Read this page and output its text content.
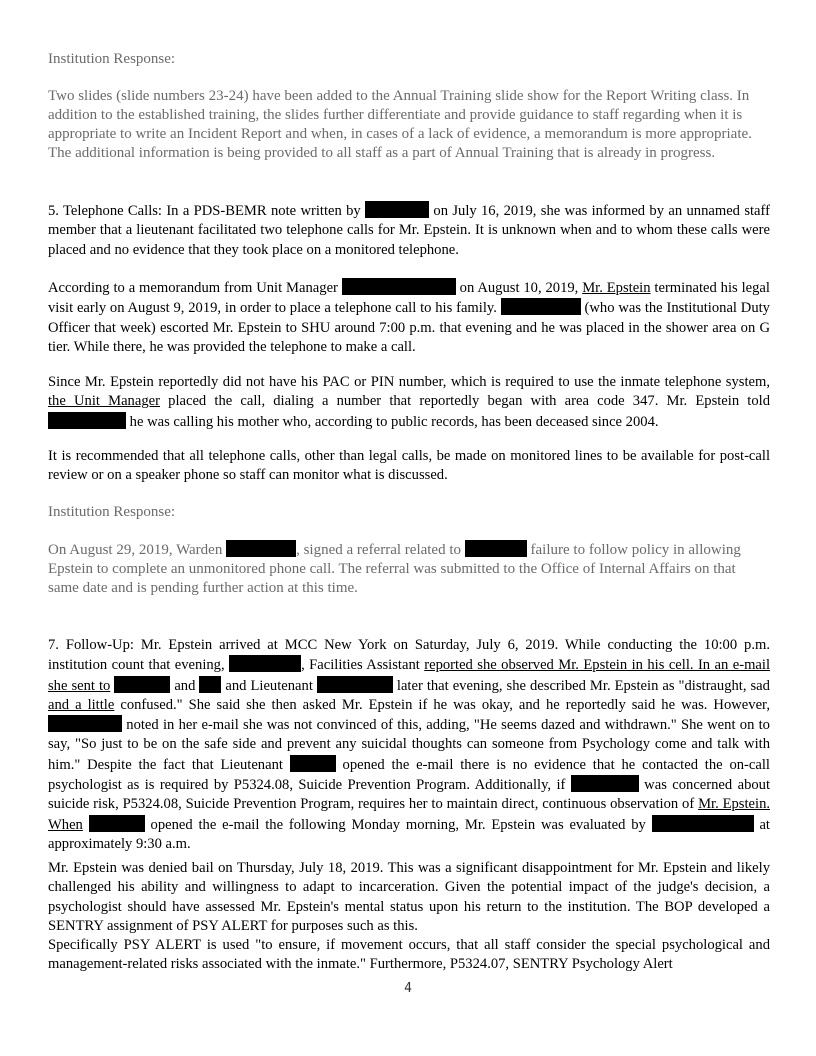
Institution Response:

Two slides (slide numbers 23-24) have been added to the Annual Training slide show for the Report Writing class. In addition to the established training, the slides further differentiate and provide guidance to staff regarding when it is appropriate to write an Incident Report and when, in cases of a lack of evidence, a memorandum is more appropriate. The additional information is being provided to all staff as a part of Annual Training that is already in progress.

5. Telephone Calls: In a PDS-BEMR note written by	on July 16, 2019, she was informed by an unnamed staff member that a lieutenant facilitated two telephone calls for Mr. Epstein. It is unknown when and to whom these calls were placed and no evidence that they took place on a monitored telephone.

According to a memorandum from Unit Manager	on August 10, 2019, Mr. Epstein terminated his legal visit early on August 9, 2019, in order to place a telephone call to his family.	(who was the Institutional Duty Officer that week) escorted Mr. Epstein to SHU around 7:00 p.m. that evening and he was placed in the shower area on G tier. While there, he was provided the telephone to make a call.

Since Mr. Epstein reportedly did not have his PAC or PIN number, which is required to use the inmate telephone system, the Unit Manager placed the call, dialing a number that reportedly began with area code 347. Mr. Epstein told  he was calling his mother who, according to public records, has been deceased since 2004.

It is recommended that all telephone calls, other than legal calls, be made on monitored lines to be available for post-call review or on a speaker phone so staff can monitor what is discussed.

Institution Response:

On August 29, 2019, Warden	, signed a referral related to	failure to follow policy in allowing Epstein to complete an unmonitored phone call. The referral was submitted to the Office of Internal Affairs on that same date and is pending further action at this time.

7. Follow-Up: Mr. Epstein arrived at MCC New York on Saturday, July 6, 2019. While conducting the 10:00 p.m. institution count that evening,	, Facilities Assistant reported she observed Mr. Epstein in his cell. In an e-mail she sent to	and and Lieutenant	later that evening, she described Mr. Epstein as "distraught, sad and a little confused." She said she then asked Mr. Epstein if he was okay, and he reportedly said he was. However,  noted in her e-mail she was not convinced of this, adding, "He seems dazed and withdrawn." She went on to say, "So just to be on the safe side and prevent any suicidal thoughts can someone from Psychology come and talk with him." Despite the fact that Lieutenant	opened the e-mail there is no evidence that he contacted the on-call psychologist as is required by P5324.08, Suicide Prevention Program. Additionally, if	was concerned about suicide risk, P5324.08, Suicide Prevention Program, requires her to maintain direct, continuous observation of Mr. Epstein. When	opened the e-mail the following Monday morning, Mr. Epstein was evaluated by	at approximately 9:30 a.m.

Mr. Epstein was denied bail on Thursday, July 18, 2019. This was a significant disappointment for Mr. Epstein and likely challenged his ability and willingness to adapt to incarceration. Given the potential impact of the judge's decision, a psychologist should have assessed Mr. Epstein's mental status upon his return to the institution. The BOP developed a SENTRY assignment of PSY ALERT for purposes such as this.

Specifically PSY ALERT is used "to ensure, if movement occurs, that all staff consider the special psychological and management-related risks associated with the inmate." Furthermore, P5324.07, SENTRY Psychology Alert

4
